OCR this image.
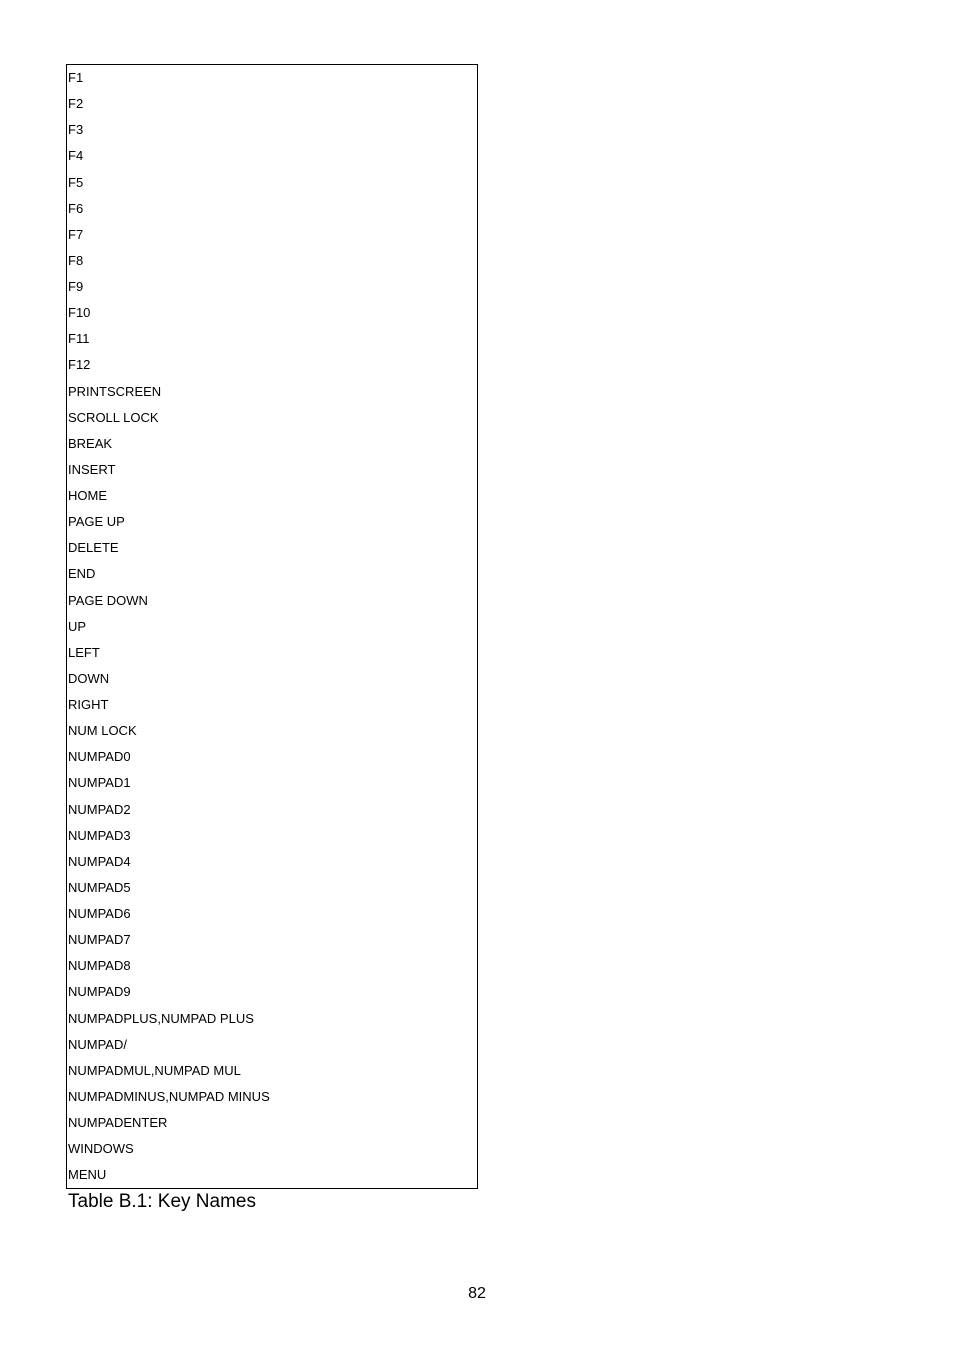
F1
F2
F3
F4
F5
F6
F7
F8
F9
F10
F11
F12
PRINTSCREEN
SCROLL LOCK
BREAK
INSERT
HOME
PAGE UP
DELETE
END
PAGE DOWN
UP
LEFT
DOWN
RIGHT
NUM LOCK
NUMPAD0
NUMPAD1
NUMPAD2
NUMPAD3
NUMPAD4
NUMPAD5
NUMPAD6
NUMPAD7
NUMPAD8
NUMPAD9
NUMPADPLUS,NUMPAD PLUS
NUMPAD/
NUMPADMUL,NUMPAD MUL
NUMPADMINUS,NUMPAD MINUS
NUMPADENTER
WINDOWS
MENU
Table B.1: Key Names
82
